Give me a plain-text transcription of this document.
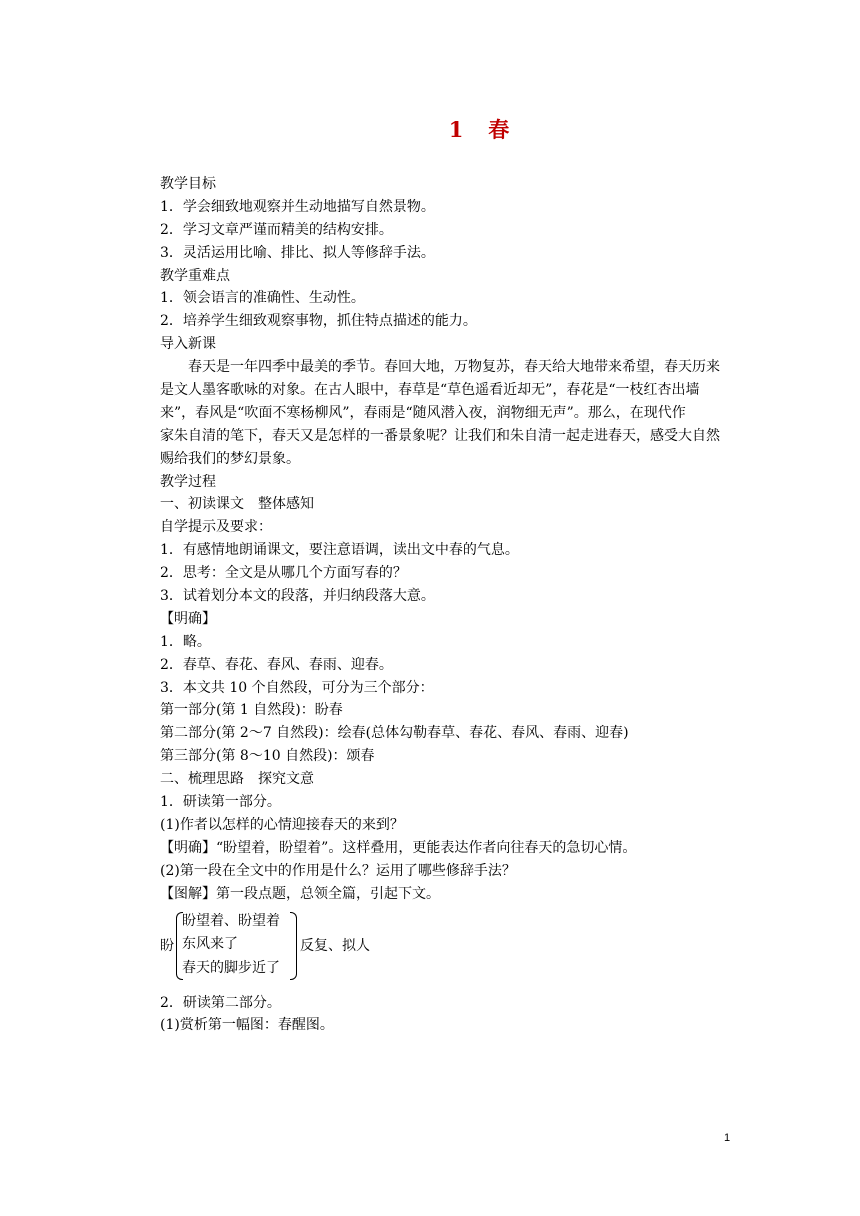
1　春
教学目标
1．学会细致地观察并生动地描写自然景物。
2．学习文章严谨而精美的结构安排。
3．灵活运用比喻、排比、拟人等修辞手法。
教学重难点
1．领会语言的准确性、生动性。
2．培养学生细致观察事物，抓住特点描述的能力。
导入新课
　　春天是一年四季中最美的季节。春回大地，万物复苏，春天给大地带来希望，春天历来
是文人墨客歌咏的对象。在古人眼中，春草是“草色遥看近却无”，春花是“一枝红杏出墙
来”，春风是“吹面不寒杨柳风”，春雨是“随风潜入夜，润物细无声”。那么，在现代作
家朱自清的笔下，春天又是怎样的一番景象呢？让我们和朱自清一起走进春天，感受大自然
赐给我们的梦幻景象。
教学过程
一、初读课文　整体感知
自学提示及要求：
1．有感情地朗诵课文，要注意语调，读出文中春的气息。
2．思考：全文是从哪几个方面写春的？
3．试着划分本文的段落，并归纳段落大意。
【明确】
1．略。
2．春草、春花、春风、春雨、迎春。
3．本文共 10 个自然段，可分为三个部分：
第一部分(第 1 自然段)：盼春
第二部分(第 2～7 自然段)：绘春(总体勾勒春草、春花、春风、春雨、迎春)
第三部分(第 8～10 自然段)：颂春
二、梳理思路　探究文意
1．研读第一部分。
(1)作者以怎样的心情迎接春天的来到？
【明确】“盼望着，盼望着”。这样叠用，更能表达作者向往春天的急切心情。
(2)第一段在全文中的作用是什么？运用了哪些修辞手法？
【图解】第一段点题，总领全篇，引起下文。
盼
盼望着、盼望着
东风来了
春天的脚步近了
反复、拟人
2．研读第二部分。
(1)赏析第一幅图：春醒图。
1
